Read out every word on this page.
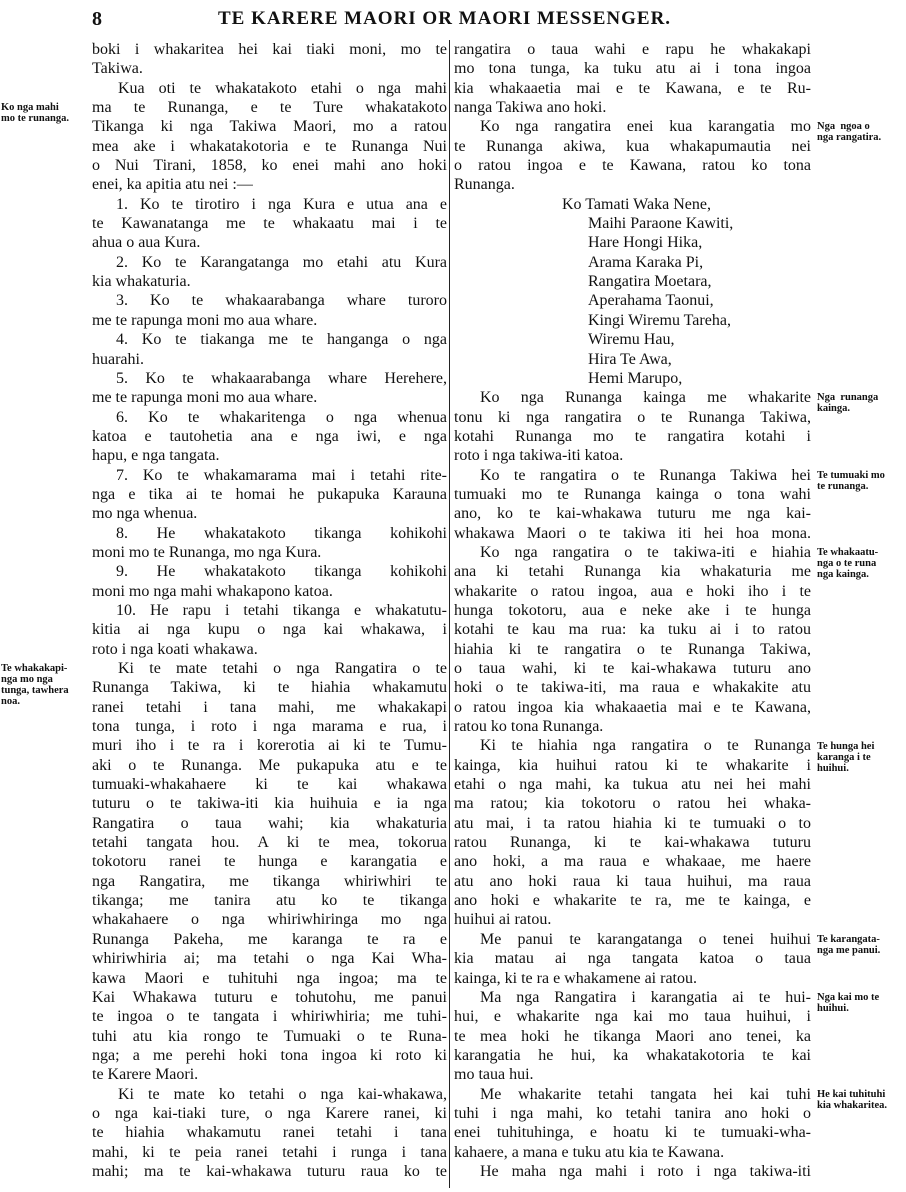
8	TE KARERE MAORI OR MAORI MESSENGER.
boki i whakaritea hei kai tiaki moni, mo te
Takiwa.
Kua oti te whakatakoto etahi o nga mahi
ma te Runanga, e te Ture whakatakoto
Tikanga ki nga Takiwa Maori, mo a ratou
mea ake i whakatakotoria e te Runanga Nui
o Nui Tirani, 1858, ko enei mahi ano hoki
enei, ka apitia atu nei :—
1. Ko te tirotiro i nga Kura e utua ana e
te Kawanatanga me te whakaatu mai i te
ahua o aua Kura.
2. Ko te Karangatanga mo etahi atu Kura
kia whakaturia.
3. Ko te whakaarabanga whare turoro
me te rapunga moni mo aua whare.
4. Ko te tiakanga me te hanganga o nga
huarahi.
5. Ko te whakaarabanga whare Herehere,
me te rapunga moni mo aua whare.
6. Ko te whakaritenga o nga whenua
katoa e tautohetia ana e nga iwi, e nga
hapu, e nga tangata.
7. Ko te whakamarama mai i tetahi rite-
nga e tika ai te homai he pukapuka Karauna
mo nga whenua.
8. He whakatakoto tikanga kohikohi
moni mo te Runanga, mo nga Kura.
9. He whakatakoto tikanga kohikohi
moni mo nga mahi whakapono katoa.
10. He rapu i tetahi tikanga e whakatutu-
kitia ai nga kupu o nga kai whakawa, i
roto i nga koati whakawa.
Ki te mate tetahi o nga Rangatira o te
Runanga Takiwa, ki te hiahia whakamutu
ranei tetahi i tana mahi, me whakakapi
tona tunga, i roto i nga marama e rua, i
muri iho i te ra i korerotia ai ki te Tumu-
aki o te Runanga. Me pukapuka atu e te
tumuaki-whakahaere ki te kai whakawa
tuturu o te takiwa-iti kia huihuia e ia nga
Rangatira o taua wahi; kia whakaturia
tetahi tangata hou. A ki te mea, tokorua
tokotoru ranei te hunga e karangatia e
nga Rangatira, me tikanga whiriwhiri te
tikanga; me tanira atu ko te tikanga
whakahaere o nga whiriwhiringa mo nga
Runanga Pakeha, me karanga te ra e
whiriwhiria ai; ma tetahi o nga Kai Wha-
kawa Maori e tuhituhi nga ingoa; ma te
Kai Whakawa tuturu e tohutohu, me panui
te ingoa o te tangata i whiriwhiria; me tuhi-
tuhi atu kia rongo te Tumuaki o te Runa-
nga; a me perehi hoki tona ingoa ki roto ki
te Karere Maori.
Ki te mate ko tetahi o nga kai-whakawa,
o nga kai-tiaki ture, o nga Karere ranei, ki
te hiahia whakamutu ranei tetahi i tana
mahi, ki te peia ranei tetahi i runga i tana
mahi; ma te kai-whakawa tuturu raua ko te
rangatira o taua wahi e rapu he whakakapi
mo tona tunga, ka tuku atu ai i tona ingoa
kia whakaaetia mai e te Kawana, e te Ru-
nanga Takiwa ano hoki.
Ko nga rangatira enei kua karangatia mo
te Runanga akiwa, kua whakapumautia nei
o ratou ingoa e te Kawana, ratou ko tona
Runanga.
Ko Tamati Waka Nene,
Maihi Paraone Kawiti,
Hare Hongi Hika,
Arama Karaka Pi,
Rangatira Moetara,
Aperahama Taonui,
Kingi Wiremu Tareha,
Wiremu Hau,
Hira Te Awa,
Hemi Marupo,
Ko nga Runanga kainga me whakarite
tonu ki nga rangatira o te Runanga Takiwa,
kotahi Runanga mo te rangatira kotahi i
roto i nga takiwa-iti katoa.
Ko te rangatira o te Runanga Takiwa hei
tumuaki mo te Runanga kainga o tona wahi
ano, ko te kai-whakawa tuturu me nga kai-
whakawa Maori o te takiwa iti hei hoa mona.
Ko nga rangatira o te takiwa-iti e hiahia
ana ki tetahi Runanga kia whakaturia me
whakarite o ratou ingoa, aua e hoki iho i te
hunga tokotoru, aua e neke ake i te hunga
kotahi te kau ma rua: ka tuku ai i to ratou
hiahia ki te rangatira o te Runanga Takiwa,
o taua wahi, ki te kai-whakawa tuturu ano
hoki o te takiwa-iti, ma raua e whakakite atu
o ratou ingoa kia whakaaetia mai e te Kawana,
ratou ko tona Runanga.
Ki te hiahia nga rangatira o te Runanga
kainga, kia huihui ratou ki te whakarite i
etahi o nga mahi, ka tukua atu nei hei mahi
ma ratou; kia tokotoru o ratou hei whaka-
atu mai, i ta ratou hiahia ki te tumuaki o to
ratou Runanga, ki te kai-whakawa tuturu
ano hoki, a ma raua e whakaae, me haere
atu ano hoki raua ki taua huihui, ma raua
ano hoki e whakarite te ra, me te kainga, e
huihui ai ratou.
Me panui te karangatanga o tenei huihui
kia matau ai nga tangata katoa o taua
kainga, ki te ra e whakamene ai ratou.
Ma nga Rangatira i karangatia ai te hui-
hui, e whakarite nga kai mo taua huihui, i
te mea hoki he tikanga Maori ano tenei, ka
karangatia he hui, ka whakatakotoria te kai
mo taua hui.
Me whakarite tetahi tangata hei kai tuhi
tuhi i nga mahi, ko tetahi tanira ano hoki o
enei tuhituhinga, e hoatu ki te tumuaki-wha-
kahaere, a mana e tuku atu kia te Kawana.
He maha nga mahi i roto i nga takiwa-iti
Ko nga mahi
mo te runanga.
Te whakakapi-
nga mo nga
tunga, tawhera
noa.
Nga  ngoa o
nga rangatira.
Nga  runanga
kainga.
Te tumuaki mo
te runanga.
Te whakaatu-
nga o te runa
nga kainga.
Te hunga hei
karanga i te
huihui.
Te karangata-
nga me panui.
Nga kai mo te
huihui.
He kai tuhituhi
kia whakaritea.
